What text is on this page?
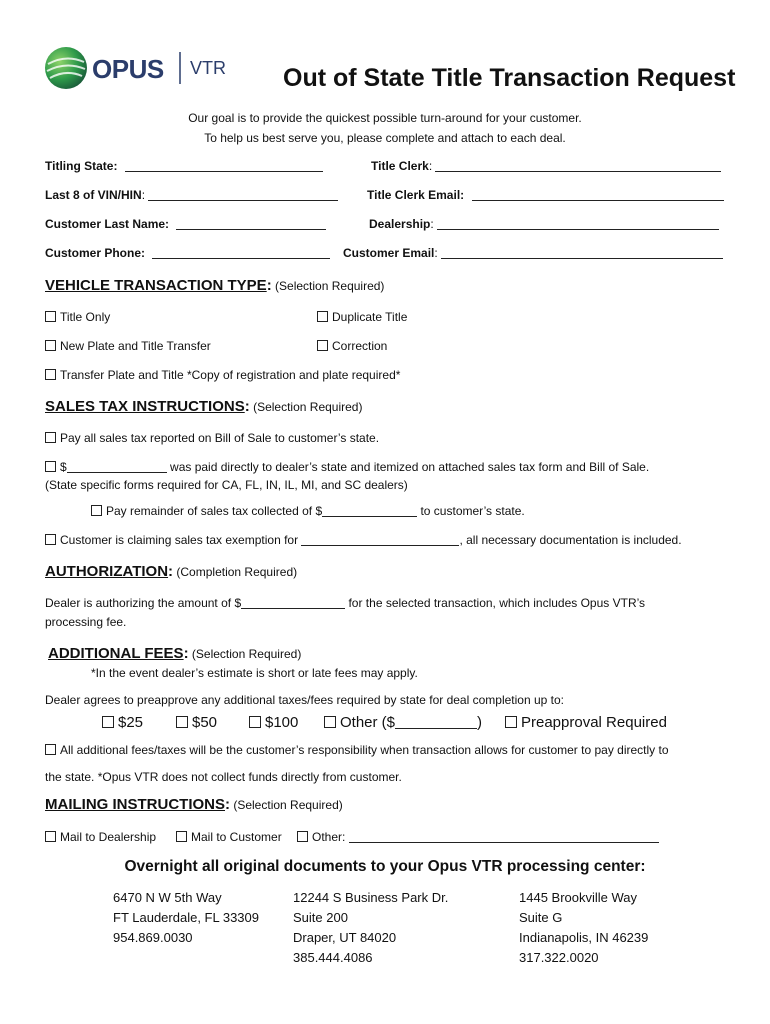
OPUS VTR Out of State Title Transaction Request
Our goal is to provide the quickest possible turn-around for your customer.
To help us best serve you, please complete and attach to each deal.
Titling State:	Title Clerk:
Last 8 of VIN/HIN:	Title Clerk Email:
Customer Last Name:	Dealership:
Customer Phone:	Customer Email:
VEHICLE TRANSACTION TYPE: (Selection Required)
Title Only	Duplicate Title
New Plate and Title Transfer	Correction
Transfer Plate and Title *Copy of registration and plate required*
SALES TAX INSTRUCTIONS: (Selection Required)
Pay all sales tax reported on Bill of Sale to customer’s state.
$	was paid directly to dealer’s state and itemized on attached sales tax form and Bill of Sale.
(State specific forms required for CA, FL, IN, IL, MI, and SC dealers)
Pay remainder of sales tax collected of $	to customer’s state.
Customer is claiming sales tax exemption for	, all necessary documentation is included.
AUTHORIZATION: (Completion Required)
Dealer is authorizing the amount of $	for the selected transaction, which includes Opus VTR’s
processing fee.
ADDITIONAL FEES: (Selection Required)
*In the event dealer’s estimate is short or late fees may apply.
Dealer agrees to preapprove any additional taxes/fees required by state for deal completion up to:
$25	$50	$100	Other ($	)	Preapproval Required
All additional fees/taxes will be the customer’s responsibility when transaction allows for customer to pay directly to
the state. *Opus VTR does not collect funds directly from customer.
MAILING INSTRUCTIONS: (Selection Required)
Mail to Dealership	Mail to Customer	Other:
Overnight all original documents to your Opus VTR processing center:
6470 N W 5th Way
FT Lauderdale, FL 33309
954.869.0030
12244 S Business Park Dr.
Suite 200
Draper, UT 84020
385.444.4086
1445 Brookville Way
Suite G
Indianapolis, IN 46239
317.322.0020
